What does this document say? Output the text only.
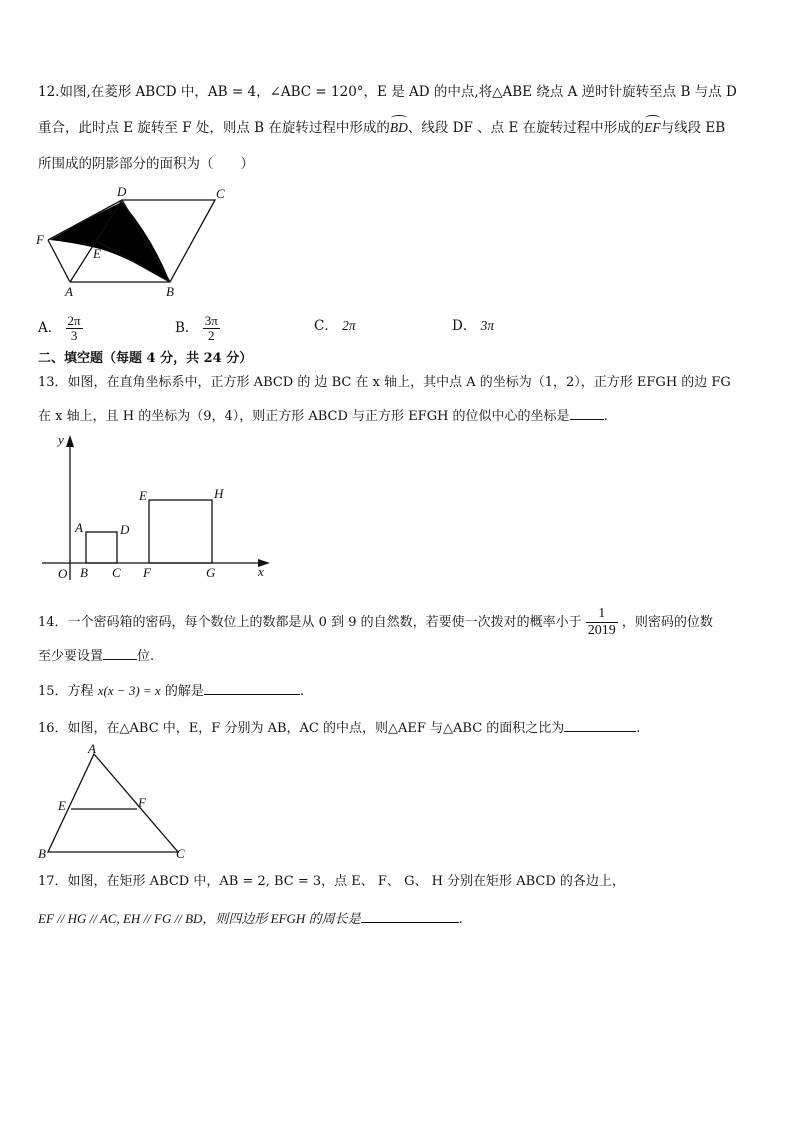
12.如图,在菱形 ABCD 中，AB = 4，∠ABC = 120°，E 是 AD 的中点,将△ABE 绕点 A 逆时针旋转至点 B 与点 D
重合，此时点 E 旋转至 F 处，则点 B 在旋转过程中形成的BD、线段 DF 、点 E 在旋转过程中形成的EF与线段 EB
所围成的阴影部分的面积为（　　）
D	C
F
E
A	B
A． $\frac{2\pi}{3}$	B． $\frac{3\pi}{2}$	C． 2π	D． 3π
二、填空题（每题 4 分，共 24 分）
13．如图，在直角坐标系中，正方形 ABCD 的 边 BC 在 x 轴上，其中点 A 的坐标为（1，2），正方形 EFGH 的边 FG
在 x 轴上，且 H 的坐标为（9，4），则正方形 ABCD 与正方形 EFGH 的位似中心的坐标是	.
y
x
O
A
B C
D
E
F	G
H
14．一个密码箱的密码，每个数位上的数都是从 0 到 9 的自然数，若要使一次拨对的概率小于 $\frac{1}{2019}$ ，则密码的位数
至少要设置	位.
15．方程 x(x − 3) = x 的解是	.
16．如图，在△ABC 中，E，F 分别为 AB，AC 的中点，则△AEF 与△ABC 的面积之比为	.
A
E	F
B	C
17．如图，在矩形 ABCD 中，AB = 2, BC = 3，点 E、 F、 G、 H 分别在矩形 ABCD 的各边上，
EF // HG // AC, EH // FG // BD，则四边形 EFGH 的周长是	.
